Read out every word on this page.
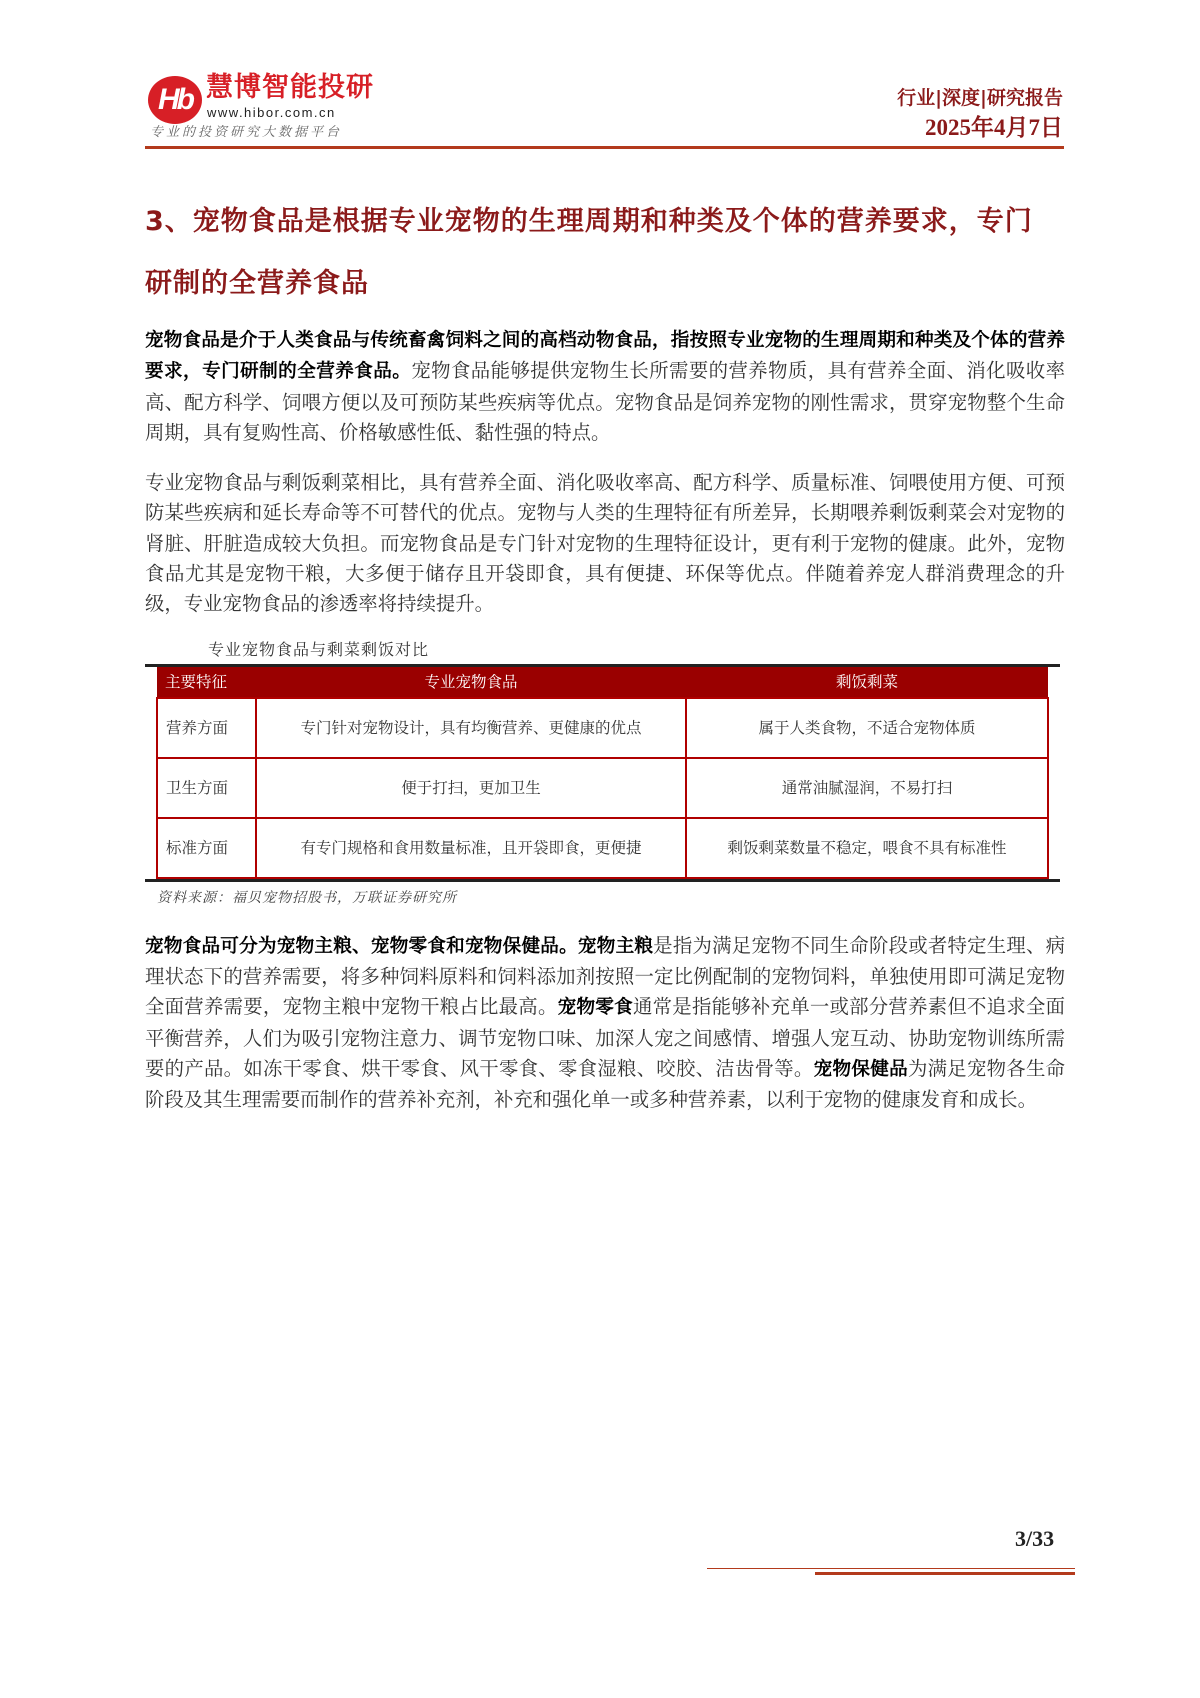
Hb 慧博智能投研
www.hibor.com.cn
专业的投资研究大数据平台
行业|深度|研究报告
2025年4月7日
3、宠物食品是根据专业宠物的生理周期和种类及个体的营养要求，专门
研制的全营养食品

宠物食品是介于人类食品与传统畜禽饲料之间的高档动物食品，指按照专业宠物的生理周期和种类及个体的营养要求，专门研制的全营养食品。宠物食品能够提供宠物生长所需要的营养物质，具有营养全面、消化吸收率高、配方科学、饲喂方便以及可预防某些疾病等优点。宠物食品是饲养宠物的刚性需求，贯穿宠物整个生命周期，具有复购性高、价格敏感性低、黏性强的特点。

专业宠物食品与剩饭剩菜相比，具有营养全面、消化吸收率高、配方科学、质量标准、饲喂使用方便、可预防某些疾病和延长寿命等不可替代的优点。宠物与人类的生理特征有所差异，长期喂养剩饭剩菜会对宠物的肾脏、肝脏造成较大负担。而宠物食品是专门针对宠物的生理特征设计，更有利于宠物的健康。此外，宠物食品尤其是宠物干粮，大多便于储存且开袋即食，具有便捷、环保等优点。伴随着养宠人群消费理念的升级，专业宠物食品的渗透率将持续提升。

专业宠物食品与剩菜剩饭对比
主要特征	专业宠物食品	剩饭剩菜
营养方面	专门针对宠物设计，具有均衡营养、更健康的优点	属于人类食物，不适合宠物体质
卫生方面	便于打扫，更加卫生	通常油腻湿润，不易打扫
标准方面	有专门规格和食用数量标准，且开袋即食，更便捷	剩饭剩菜数量不稳定，喂食不具有标准性
资料来源：福贝宠物招股书，万联证券研究所

宠物食品可分为宠物主粮、宠物零食和宠物保健品。宠物主粮是指为满足宠物不同生命阶段或者特定生理、病理状态下的营养需要，将多种饲料原料和饲料添加剂按照一定比例配制的宠物饲料，单独使用即可满足宠物全面营养需要，宠物主粮中宠物干粮占比最高。宠物零食通常是指能够补充单一或部分营养素但不追求全面平衡营养，人们为吸引宠物注意力、调节宠物口味、加深人宠之间感情、增强人宠互动、协助宠物训练所需要的产品。如冻干零食、烘干零食、风干零食、零食湿粮、咬胶、洁齿骨等。宠物保健品为满足宠物各生命阶段及其生理需要而制作的营养补充剂，补充和强化单一或多种营养素，以利于宠物的健康发育和成长。

3/33
